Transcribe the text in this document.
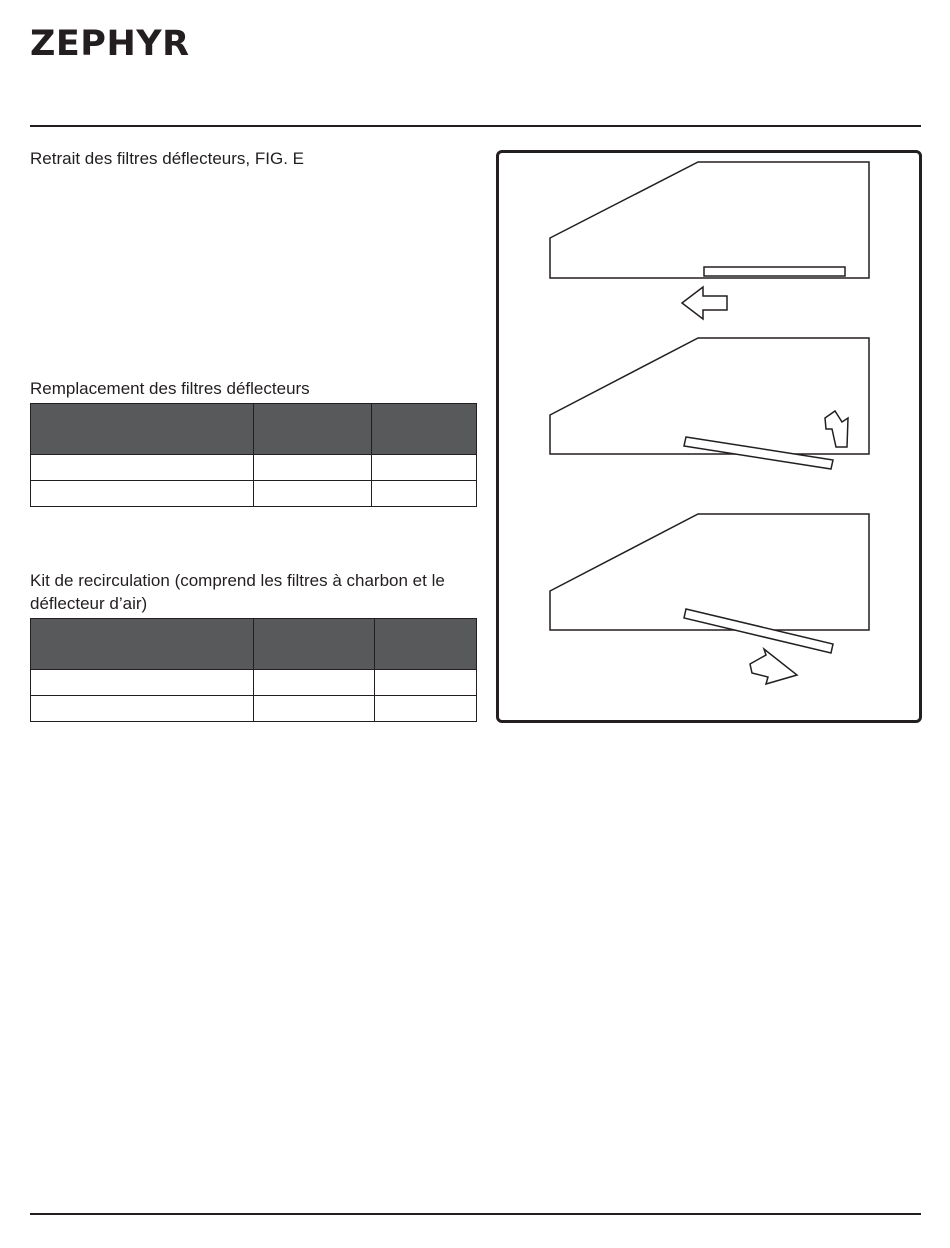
ZEPHYR
Retrait des filtres déflecteurs, FIG. E
Remplacement des filtres déflecteurs

Kit de recirculation (comprend les filtres à charbon et le déflecteur d’air)
